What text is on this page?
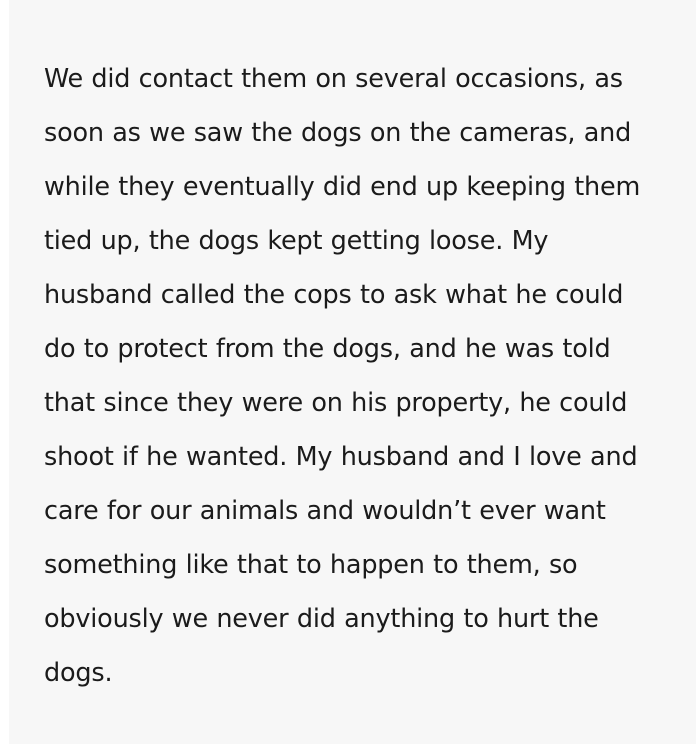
We did contact them on several occasions, as soon as we saw the dogs on the cameras, and while they eventually did end up keeping them tied up, the dogs kept getting loose. My husband called the cops to ask what he could do to protect from the dogs, and he was told that since they were on his property, he could shoot if he wanted. My husband and I love and care for our animals and wouldn’t ever want something like that to happen to them, so obviously we never did anything to hurt the dogs.
